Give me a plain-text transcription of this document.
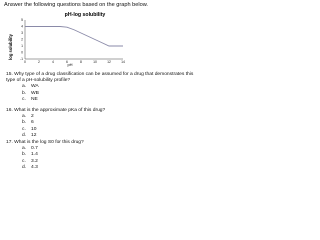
Answer the following questions based on the graph below.
pH-log solubility
log solubility
pH
0	2	4	6	8	10	12	14
5
4
3
2
1
0
-1
15. Why type of a drug classification can be assumed for a drug that demonstrates this type of a pH-solubility profile?
a. WA
b. WB
c. NE
16. What is the approximate pKa of this drug?
a. 2
b. 6
c. 10
d. 12
17. What is the log S0 for this drug?
a. 0.7
b. 1.4
c. 3.2
d. 4.3
